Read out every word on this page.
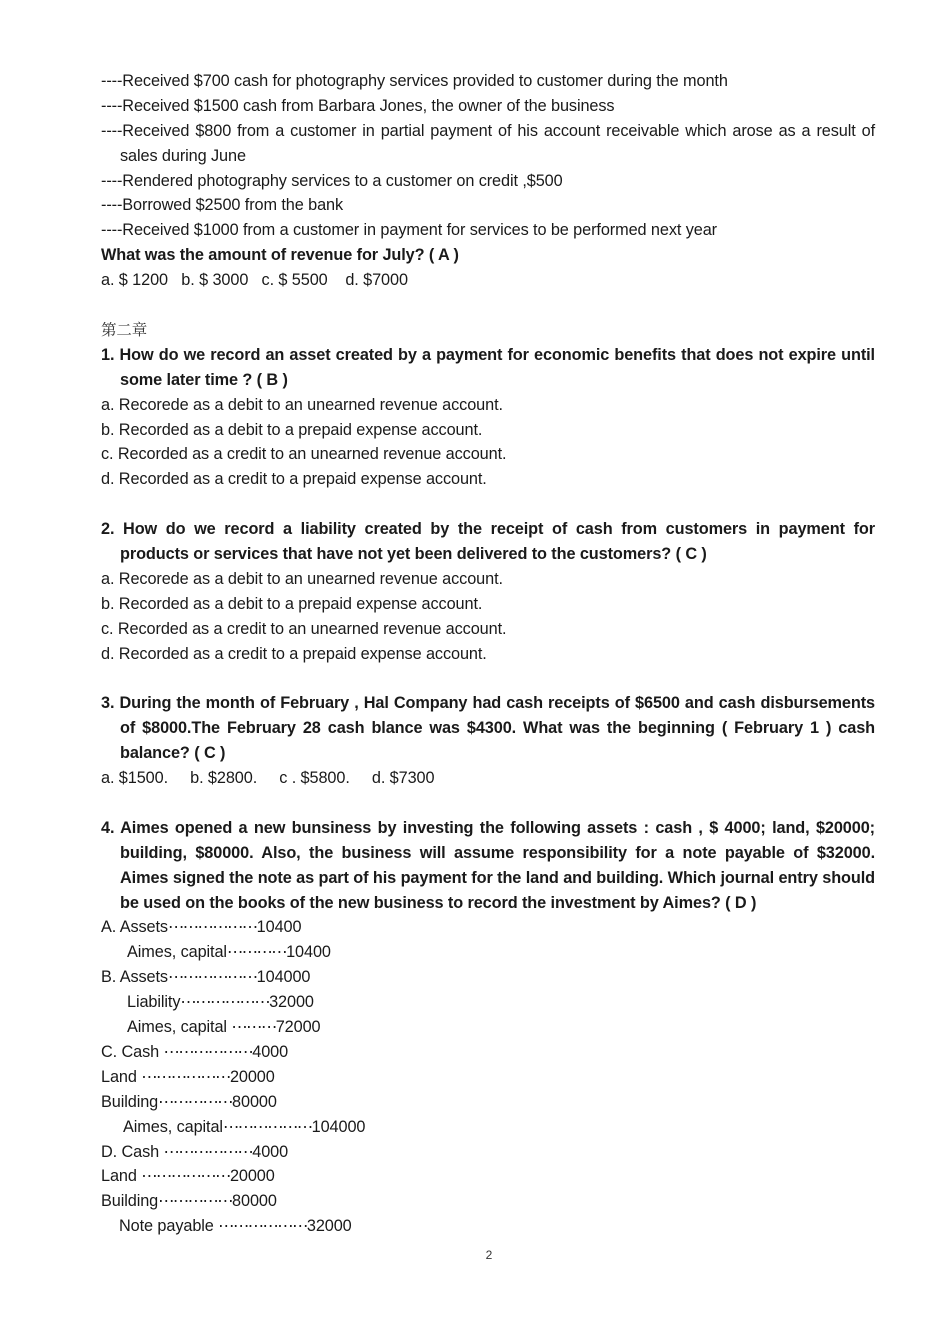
----Received $700 cash for photography services provided to customer during the month
----Received $1500 cash from Barbara Jones, the owner of the business
----Received $800 from a customer in partial payment of his account receivable which arose as a result of sales during June
----Rendered photography services to a customer on credit ,$500
----Borrowed $2500 from the bank
----Received $1000 from a customer in payment for services to be performed next year
What was the amount of revenue for July? ( A )
a. $ 1200   b. $ 3000   c. $ 5500    d. $7000
第二章
1. How do we record an asset created by a payment for economic benefits that does not expire until some later time ? ( B )
a. Recorede as a debit to an unearned revenue account.
b. Recorded as a debit to a prepaid expense account.
c. Recorded as a credit to an unearned revenue account.
d. Recorded as a credit to a prepaid expense account.
2. How do we record a liability created by the receipt of cash from customers in payment for products or services that have not yet been delivered to the customers? ( C )
a. Recorede as a debit to an unearned revenue account.
b. Recorded as a debit to a prepaid expense account.
c. Recorded as a credit to an unearned revenue account.
d. Recorded as a credit to a prepaid expense account.
3. During the month of February , Hal Company had cash receipts of $6500 and cash disbursements of $8000.The February 28 cash blance was $4300. What was the beginning ( February 1 ) cash balance? ( C )
a. $1500.     b. $2800.     c . $5800.     d. $7300
4. Aimes opened a new bunsiness by investing the following assets : cash , $ 4000; land, $20000; building, $80000. Also, the business will assume responsibility for a note payable of $32000. Aimes signed the note as part of his payment for the land and building. Which journal entry should be used on the books of the new business to record the investment by Aimes? ( D )
A. Assets⋯⋯⋯⋯⋯⋯10400
Aimes, capital⋯⋯⋯⋯10400
B. Assets⋯⋯⋯⋯⋯⋯104000
Liability⋯⋯⋯⋯⋯⋯32000
Aimes, capital ⋯⋯⋯72000
C. Cash ⋯⋯⋯⋯⋯⋯4000
Land ⋯⋯⋯⋯⋯⋯20000
Building⋯⋯⋯⋯⋯80000
Aimes, capital⋯⋯⋯⋯⋯⋯104000
D. Cash ⋯⋯⋯⋯⋯⋯4000
Land ⋯⋯⋯⋯⋯⋯20000
Building⋯⋯⋯⋯⋯80000
Note payable ⋯⋯⋯⋯⋯⋯32000
2
